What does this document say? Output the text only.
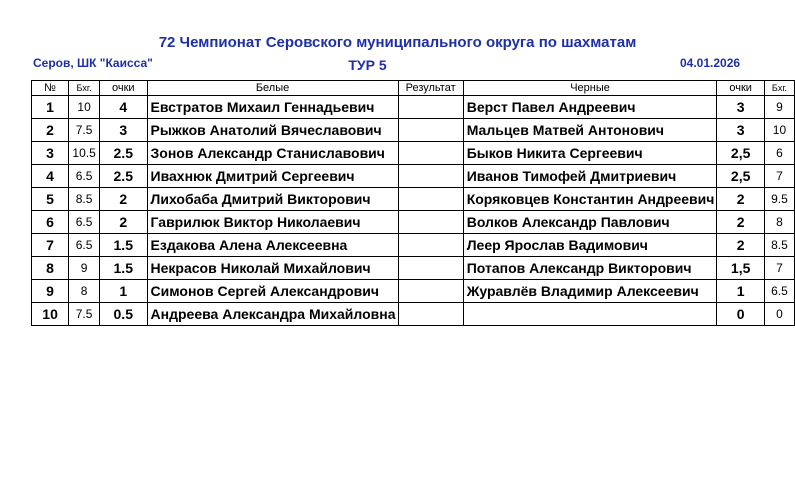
72 Чемпионат Серовского муниципального округа по шахматам
Серов, ШК "Каисса"	ТУР 5	04.01.2026
№	Бхг.	очки	Белые	Результат	Черные	очки	Бхг.
1	10	4	Евстратов Михаил Геннадьевич		Верст Павел Андреевич	3	9
2	7.5	3	Рыжков Анатолий Вячеславович		Мальцев Матвей Антонович	3	10
3	10.5	2.5	Зонов Александр Станиславович		Быков Никита Сергеевич	2,5	6
4	6.5	2.5	Ивахнюк Дмитрий Сергеевич		Иванов Тимофей Дмитриевич	2,5	7
5	8.5	2	Лихобаба Дмитрий Викторович		Коряковцев Константин Андреевич	2	9.5
6	6.5	2	Гаврилюк Виктор Николаевич		Волков Александр Павлович	2	8
7	6.5	1.5	Ездакова Алена Алексеевна		Леер Ярослав Вадимович	2	8.5
8	9	1.5	Некрасов Николай Михайлович		Потапов Александр Викторович	1,5	7
9	8	1	Симонов Сергей Александрович		Журавлёв Владимир Алексеевич	1	6.5
10	7.5	0.5	Андреева Александра Михайловна			0	0
